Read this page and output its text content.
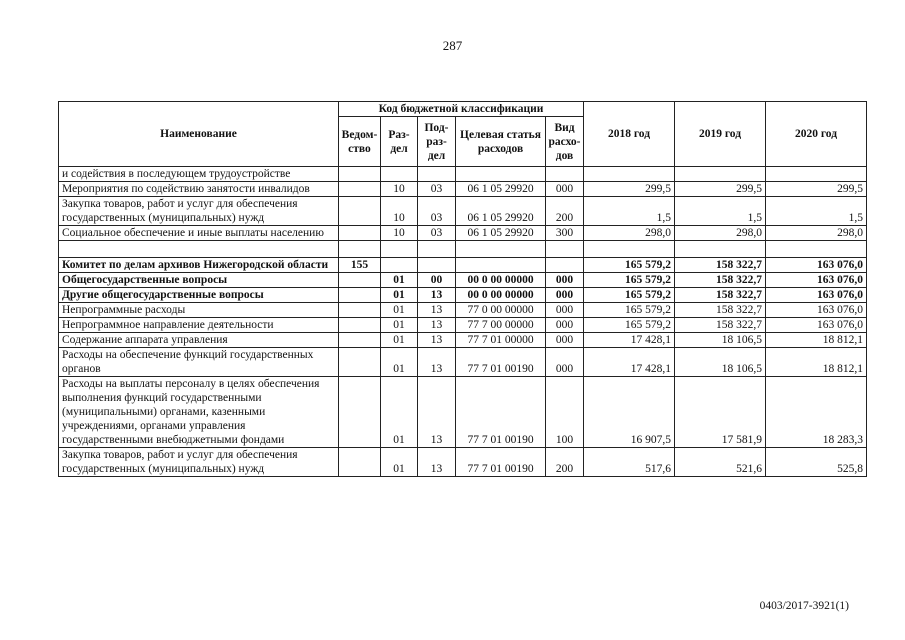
287
Наименование	Код бюджетной классификации					2018 год	2019 год	2020 год
	Ведом-ство	Раз-дел	Под-раз-дел	Целевая статья расходов	Вид расхо-дов			
и содействия в последующем трудоустройстве								
Мероприятия по содействию занятости инвалидов		10	03	06 1 05 29920	000	299,5	299,5	299,5
Закупка товаров, работ и услуг для обеспечения государственных (муниципальных) нужд		10	03	06 1 05 29920	200	1,5	1,5	1,5
Социальное обеспечение и иные выплаты населению		10	03	06 1 05 29920	300	298,0	298,0	298,0

Комитет по делам архивов Нижегородской области	155					165 579,2	158 322,7	163 076,0
Общегосударственные вопросы		01	00	00 0 00 00000	000	165 579,2	158 322,7	163 076,0
Другие общегосударственные вопросы		01	13	00 0 00 00000	000	165 579,2	158 322,7	163 076,0
Непрограммные расходы		01	13	77 0 00 00000	000	165 579,2	158 322,7	163 076,0
Непрограммное направление деятельности		01	13	77 7 00 00000	000	165 579,2	158 322,7	163 076,0
Содержание аппарата управления		01	13	77 7 01 00000	000	17 428,1	18 106,5	18 812,1
Расходы на обеспечение функций государственных органов		01	13	77 7 01 00190	000	17 428,1	18 106,5	18 812,1
Расходы на выплаты персоналу в целях обеспечения выполнения функций государственными (муниципальными) органами, казенными учреждениями, органами управления государственными внебюджетными фондами		01	13	77 7 01 00190	100	16 907,5	17 581,9	18 283,3
Закупка товаров, работ и услуг для обеспечения государственных (муниципальных) нужд		01	13	77 7 01 00190	200	517,6	521,6	525,8
0403/2017-3921(1)
